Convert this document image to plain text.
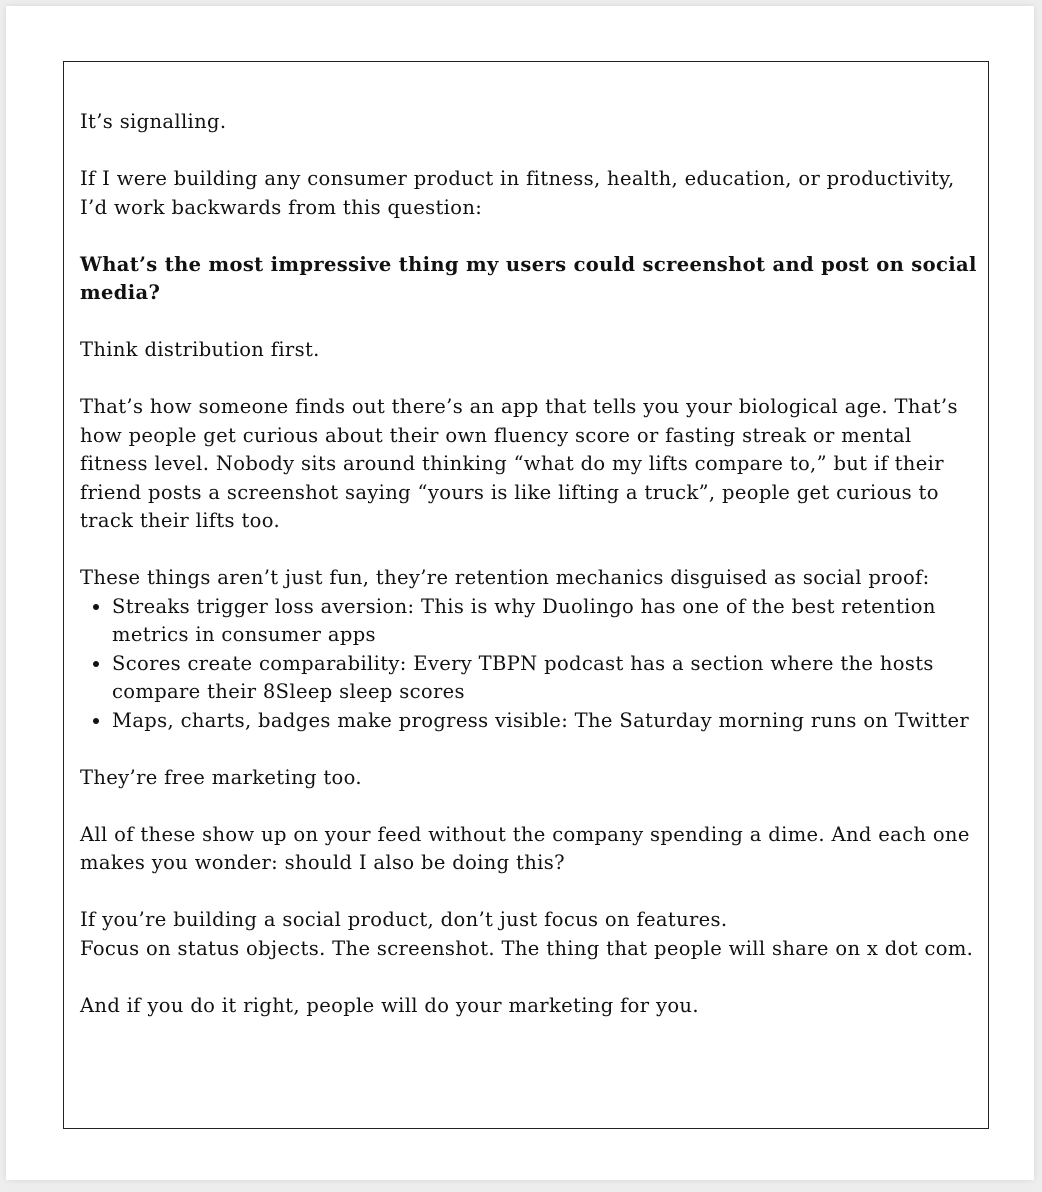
It’s signalling.

If I were building any consumer product in fitness, health, education, or productivity, I’d work backwards from this question:

What’s the most impressive thing my users could screenshot and post on social media?

Think distribution first.

That’s how someone finds out there’s an app that tells you your biological age. That’s how people get curious about their own fluency score or fasting streak or mental fitness level. Nobody sits around thinking “what do my lifts compare to,” but if their friend posts a screenshot saying “yours is like lifting a truck”, people get curious to track their lifts too.

These things aren’t just fun, they’re retention mechanics disguised as social proof:

• Streaks trigger loss aversion: This is why Duolingo has one of the best retention metrics in consumer apps
• Scores create comparability: Every TBPN podcast has a section where the hosts compare their 8Sleep sleep scores
• Maps, charts, badges make progress visible: The Saturday morning runs on Twitter

They’re free marketing too.

All of these show up on your feed without the company spending a dime. And each one makes you wonder: should I also be doing this?

If you’re building a social product, don’t just focus on features.
Focus on status objects. The screenshot. The thing that people will share on x dot com.

And if you do it right, people will do your marketing for you.
